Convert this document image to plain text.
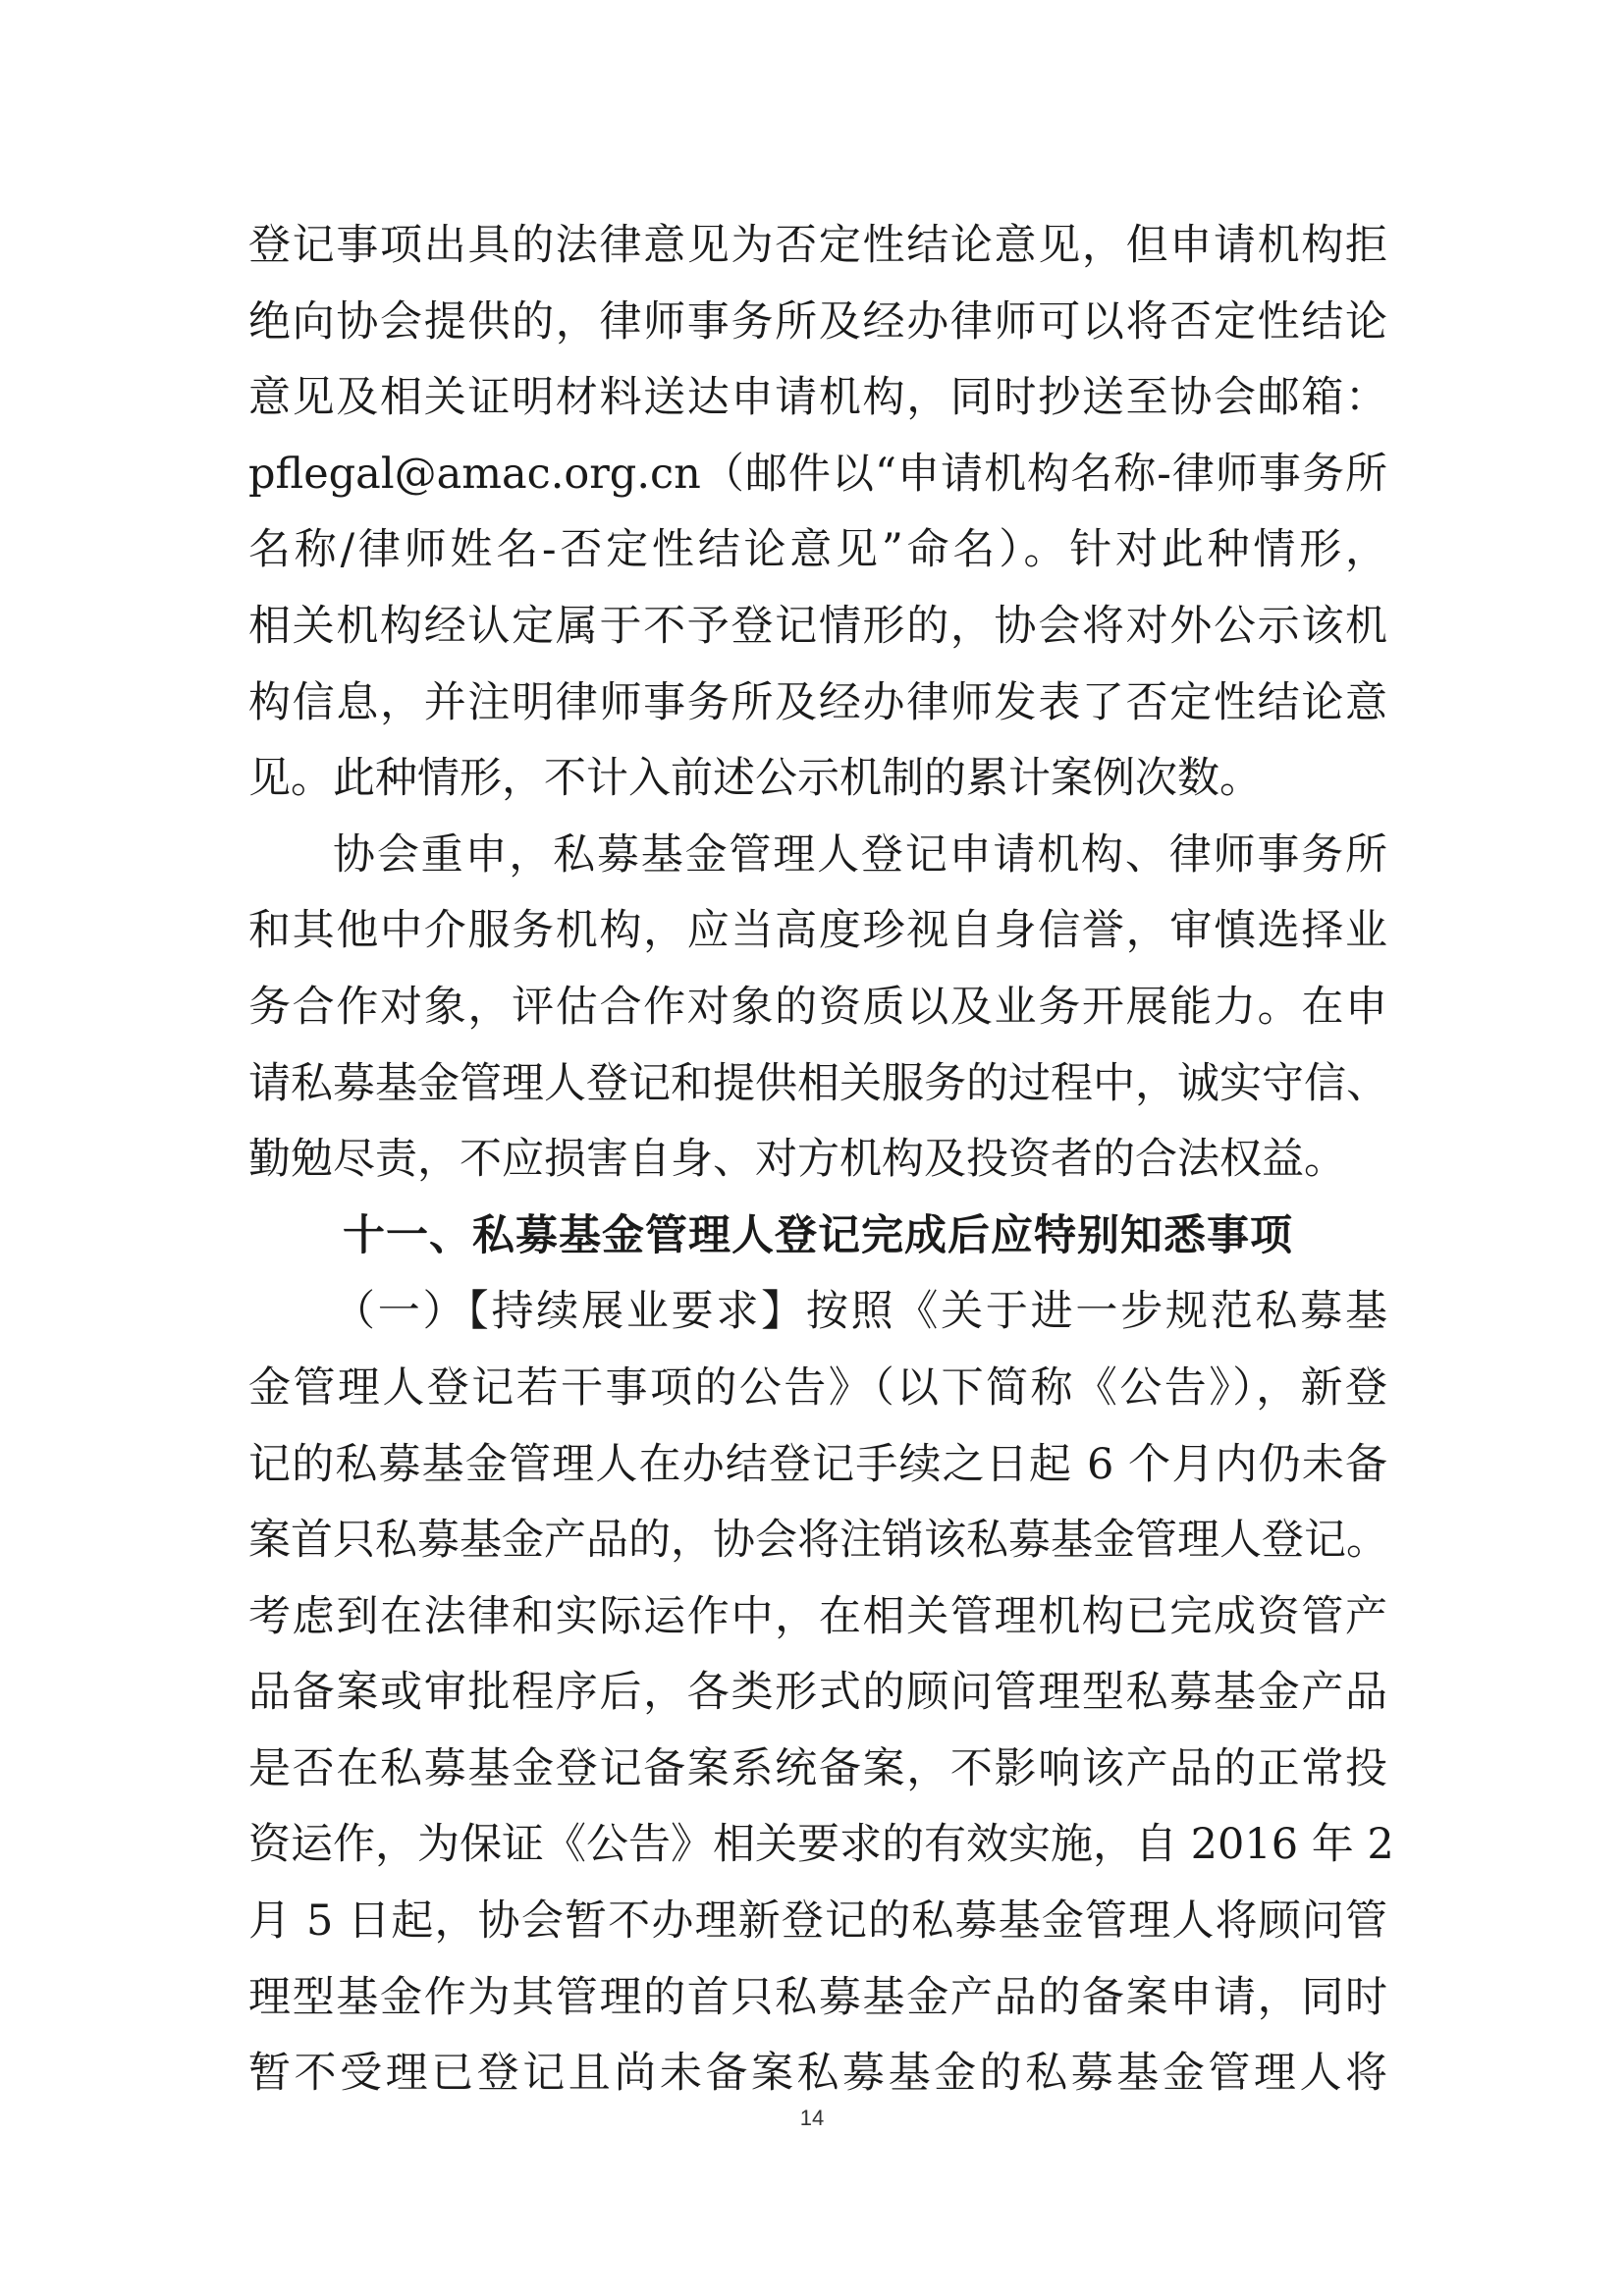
登记事项出具的法律意见为否定性结论意见，但申请机构拒
绝向协会提供的，律师事务所及经办律师可以将否定性结论
意见及相关证明材料送达申请机构，同时抄送至协会邮箱：
pflegal@amac.org.cn（邮件以“申请机构名称-律师事务所
名称/律师姓名-否定性结论意见”命名）。针对此种情形，
相关机构经认定属于不予登记情形的，协会将对外公示该机
构信息，并注明律师事务所及经办律师发表了否定性结论意
见。此种情形，不计入前述公示机制的累计案例次数。
协会重申，私募基金管理人登记申请机构、律师事务所
和其他中介服务机构，应当高度珍视自身信誉，审慎选择业
务合作对象，评估合作对象的资质以及业务开展能力。在申
请私募基金管理人登记和提供相关服务的过程中，诚实守信、
勤勉尽责，不应损害自身、对方机构及投资者的合法权益。
十一、私募基金管理人登记完成后应特别知悉事项
（一）【持续展业要求】按照《关于进一步规范私募基
金管理人登记若干事项的公告》（以下简称《公告》），新登
记的私募基金管理人在办结登记手续之日起 6 个月内仍未备
案首只私募基金产品的，协会将注销该私募基金管理人登记。
考虑到在法律和实际运作中，在相关管理机构已完成资管产
品备案或审批程序后，各类形式的顾问管理型私募基金产品
是否在私募基金登记备案系统备案，不影响该产品的正常投
资运作，为保证《公告》相关要求的有效实施，自 2016 年 2
月 5 日起，协会暂不办理新登记的私募基金管理人将顾问管
理型基金作为其管理的首只私募基金产品的备案申请，同时
暂不受理已登记且尚未备案私募基金的私募基金管理人将
14
